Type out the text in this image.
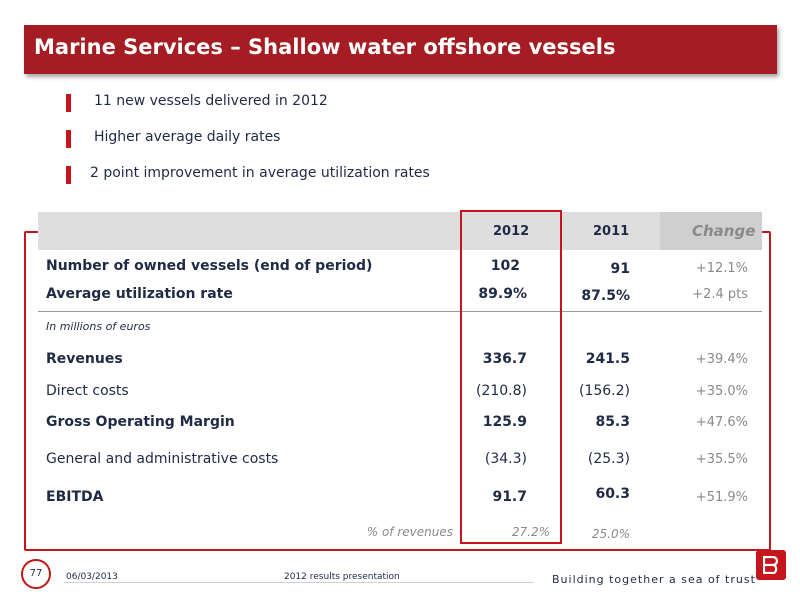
Marine Services – Shallow water offshore vessels
11 new vessels delivered in 2012
Higher average daily rates
2 point improvement in average utilization rates
2012	2011	Change
Number of owned vessels (end of period)	102	91	+12.1%
Average utilization rate	89.9%	87.5%	+2.4 pts
In millions of euros
Revenues	336.7	241.5	+39.4%
Direct costs	(210.8)	(156.2)	+35.0%
Gross Operating Margin	125.9	85.3	+47.6%
General and administrative costs	(34.3)	(25.3)	+35.5%
EBITDA	91.7	60.3	+51.9%
% of revenues	27.2%	25.0%
77	06/03/2013	2012 results presentation	Building together a sea of trust
